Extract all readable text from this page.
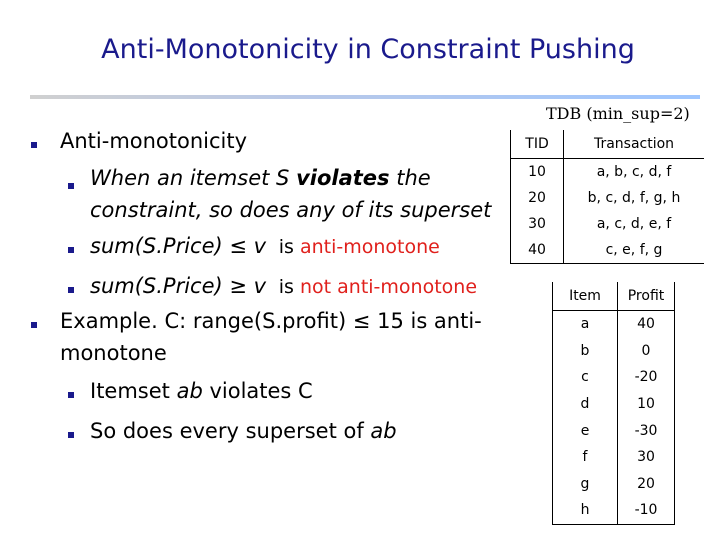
Anti-Monotonicity in Constraint Pushing
TDB (min_sup=2)
Anti-monotonicity
When an itemset S violates the
constraint, so does any of its superset
sum(S.Price) ≤ v is anti-monotone
sum(S.Price) ≥ v is not anti-monotone
Example. C: range(S.profit) ≤ 15 is anti-
monotone
Itemset ab violates C
So does every superset of ab
TID	Transaction
10	a, b, c, d, f
20	b, c, d, f, g, h
30	a, c, d, e, f
40	c, e, f, g
Item	Profit
a	40
b	0
c	-20
d	10
e	-30
f	30
g	20
h	-10
